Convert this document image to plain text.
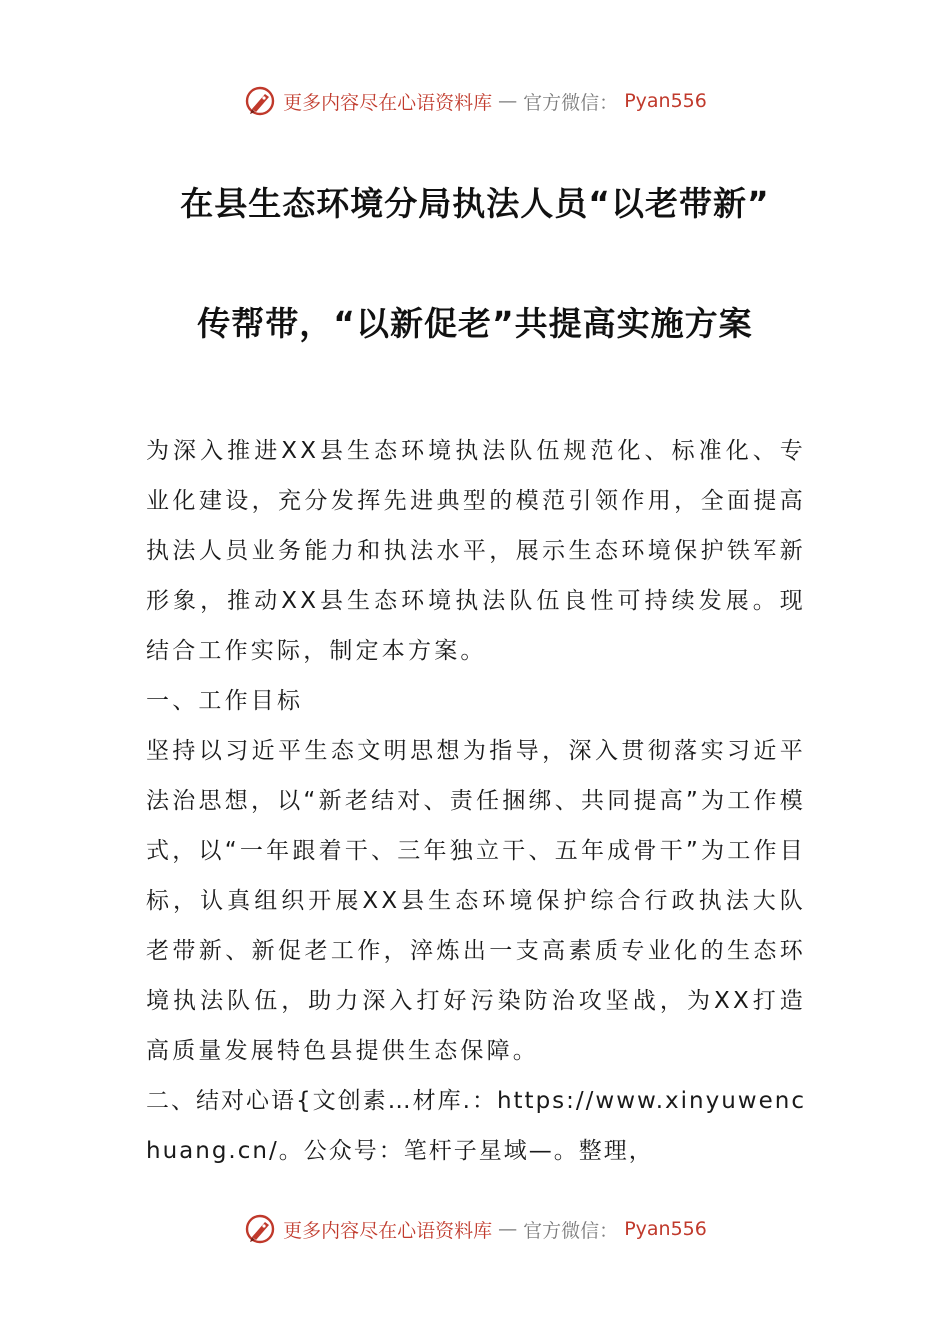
更多内容尽在心语资料库 — 官方微信： Pyan556
在县生态环境分局执法人员“以老带新”
传帮带，“以新促老”共提高实施方案

为深入推进XX县生态环境执法队伍规范化、标准化、专业化建设，充分发挥先进典型的模范引领作用，全面提高执法人员业务能力和执法水平，展示生态环境保护铁军新形象，推动XX县生态环境执法队伍良性可持续发展。现结合工作实际，制定本方案。

一、工作目标

坚持以习近平生态文明思想为指导，深入贯彻落实习近平法治思想，以“新老结对、责任捆绑、共同提高”为工作模式，以“一年跟着干、三年独立干、五年成骨干”为工作目标，认真组织开展XX县生态环境保护综合行政执法大队老带新、新促老工作，淬炼出一支高素质专业化的生态环境执法队伍，助力深入打好污染防治攻坚战，为XX打造高质量发展特色县提供生态保障。

二、结对心语{文创素…材库.：https://www.xinyuwenchuang.cn/。公众号：笔杆子星域—。整理，

更多内容尽在心语资料库 — 官方微信： Pyan556
